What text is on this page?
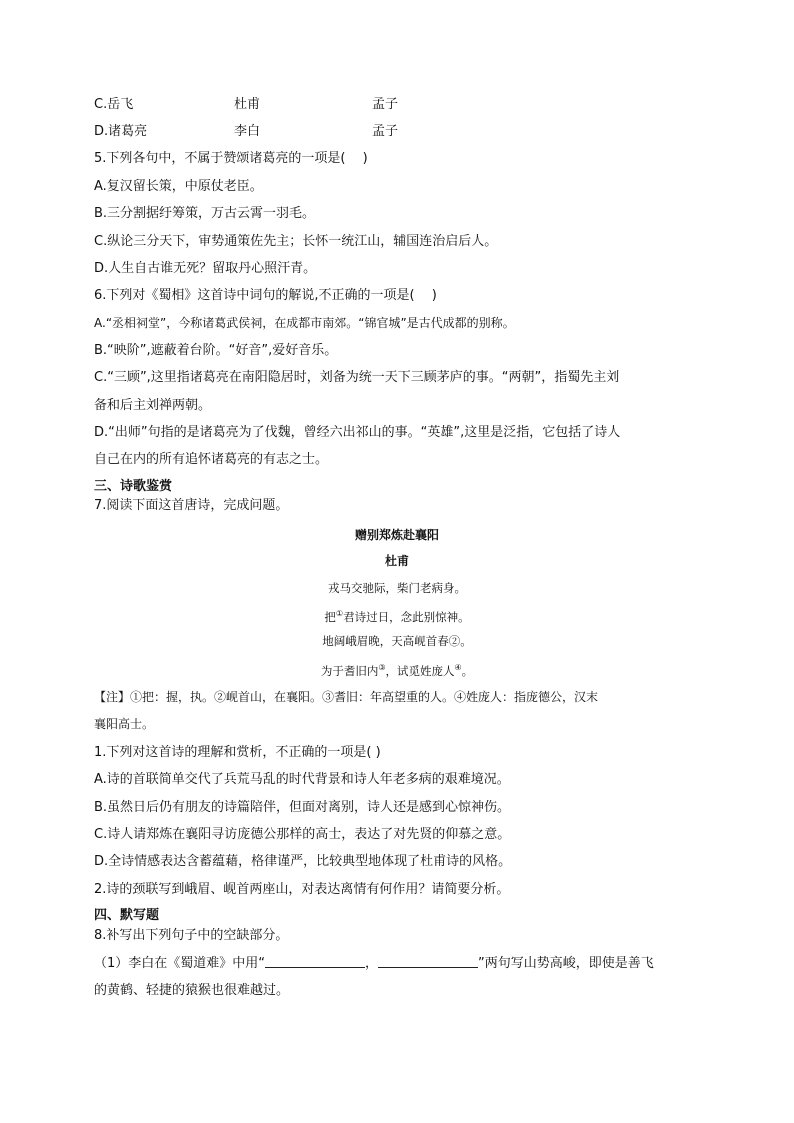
C.岳飞	杜甫	孟子
D.诸葛亮	李白	孟子
5.下列各句中，不属于赞颂诸葛亮的一项是(　 )
A.复汉留长策，中原仗老臣。
B.三分割据纡筹策，万古云霄一羽毛。
C.纵论三分天下，审势通策佐先主；长怀一统江山，辅国连治启后人。
D.人生自古谁无死？留取丹心照汗青。
6.下列对《蜀相》这首诗中词句的解说,不正确的一项是(　 )
A.“丞相祠堂”，今称诸葛武侯祠，在成都市南郊。“锦官城”是古代成都的别称。
B.“映阶”,遮蔽着台阶。“好音”,爱好音乐。
C.“三顾”,这里指诸葛亮在南阳隐居时，刘备为统一天下三顾茅庐的事。“两朝”，指蜀先主刘
备和后主刘禅两朝。
D.“出师”句指的是诸葛亮为了伐魏，曾经六出祁山的事。“英雄”,这里是泛指，它包括了诗人
自己在内的所有追怀诸葛亮的有志之士。
三、诗歌鉴赏
7.阅读下面这首唐诗，完成问题。
赠别郑炼赴襄阳
杜甫
戎马交驰际，柴门老病身。
把①君诗过日，念此别惊神。
地阔峨眉晚，天高岘首春②。
为于耆旧内③，试觅姓庞人④。
【注】①把：握，执。②岘首山，在襄阳。③耆旧：年高望重的人。④姓庞人：指庞德公，汉末
襄阳高士。
1.下列对这首诗的理解和赏析，不正确的一项是( )
A.诗的首联简单交代了兵荒马乱的时代背景和诗人年老多病的艰难境况。
B.虽然日后仍有朋友的诗篇陪伴，但面对离别，诗人还是感到心惊神伤。
C.诗人请郑炼在襄阳寻访庞德公那样的高士，表达了对先贤的仰慕之意。
D.全诗情感表达含蓄蕴藉，格律谨严，比较典型地体现了杜甫诗的风格。
2.诗的颈联写到峨眉、岘首两座山，对表达离情有何作用？请简要分析。
四、默写题
8.补写出下列句子中的空缺部分。
（1）李白在《蜀道难》中用“	，	”两句写山势高峻，即使是善飞
的黄鹤、轻捷的猿猴也很难越过。
